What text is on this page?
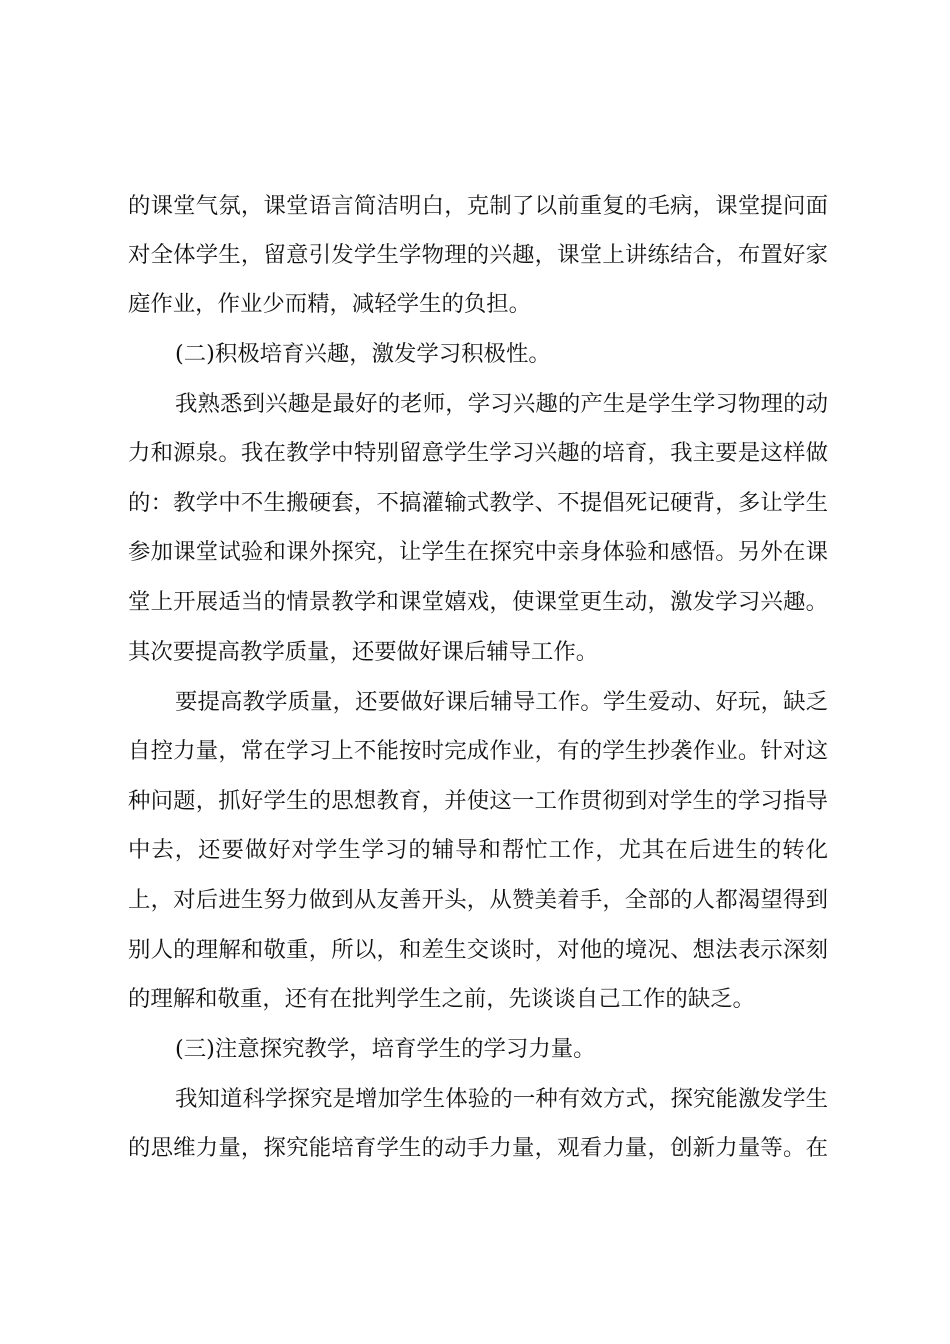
的课堂气氛，课堂语言简洁明白，克制了以前重复的毛病，课堂提问面
对全体学生，留意引发学生学物理的兴趣，课堂上讲练结合，布置好家
庭作业，作业少而精，减轻学生的负担。
(二)积极培育兴趣，激发学习积极性。
我熟悉到兴趣是最好的老师，学习兴趣的产生是学生学习物理的动
力和源泉。我在教学中特别留意学生学习兴趣的培育，我主要是这样做
的：教学中不生搬硬套，不搞灌输式教学、不提倡死记硬背，多让学生
参加课堂试验和课外探究，让学生在探究中亲身体验和感悟。另外在课
堂上开展适当的情景教学和课堂嬉戏，使课堂更生动，激发学习兴趣。
其次要提高教学质量，还要做好课后辅导工作。
要提高教学质量，还要做好课后辅导工作。学生爱动、好玩，缺乏
自控力量，常在学习上不能按时完成作业，有的学生抄袭作业。针对这
种问题，抓好学生的思想教育，并使这一工作贯彻到对学生的学习指导
中去，还要做好对学生学习的辅导和帮忙工作，尤其在后进生的转化
上，对后进生努力做到从友善开头，从赞美着手，全部的人都渴望得到
别人的理解和敬重，所以，和差生交谈时，对他的境况、想法表示深刻
的理解和敬重，还有在批判学生之前，先谈谈自己工作的缺乏。
(三)注意探究教学，培育学生的学习力量。
我知道科学探究是增加学生体验的一种有效方式，探究能激发学生
的思维力量，探究能培育学生的动手力量，观看力量，创新力量等。在
